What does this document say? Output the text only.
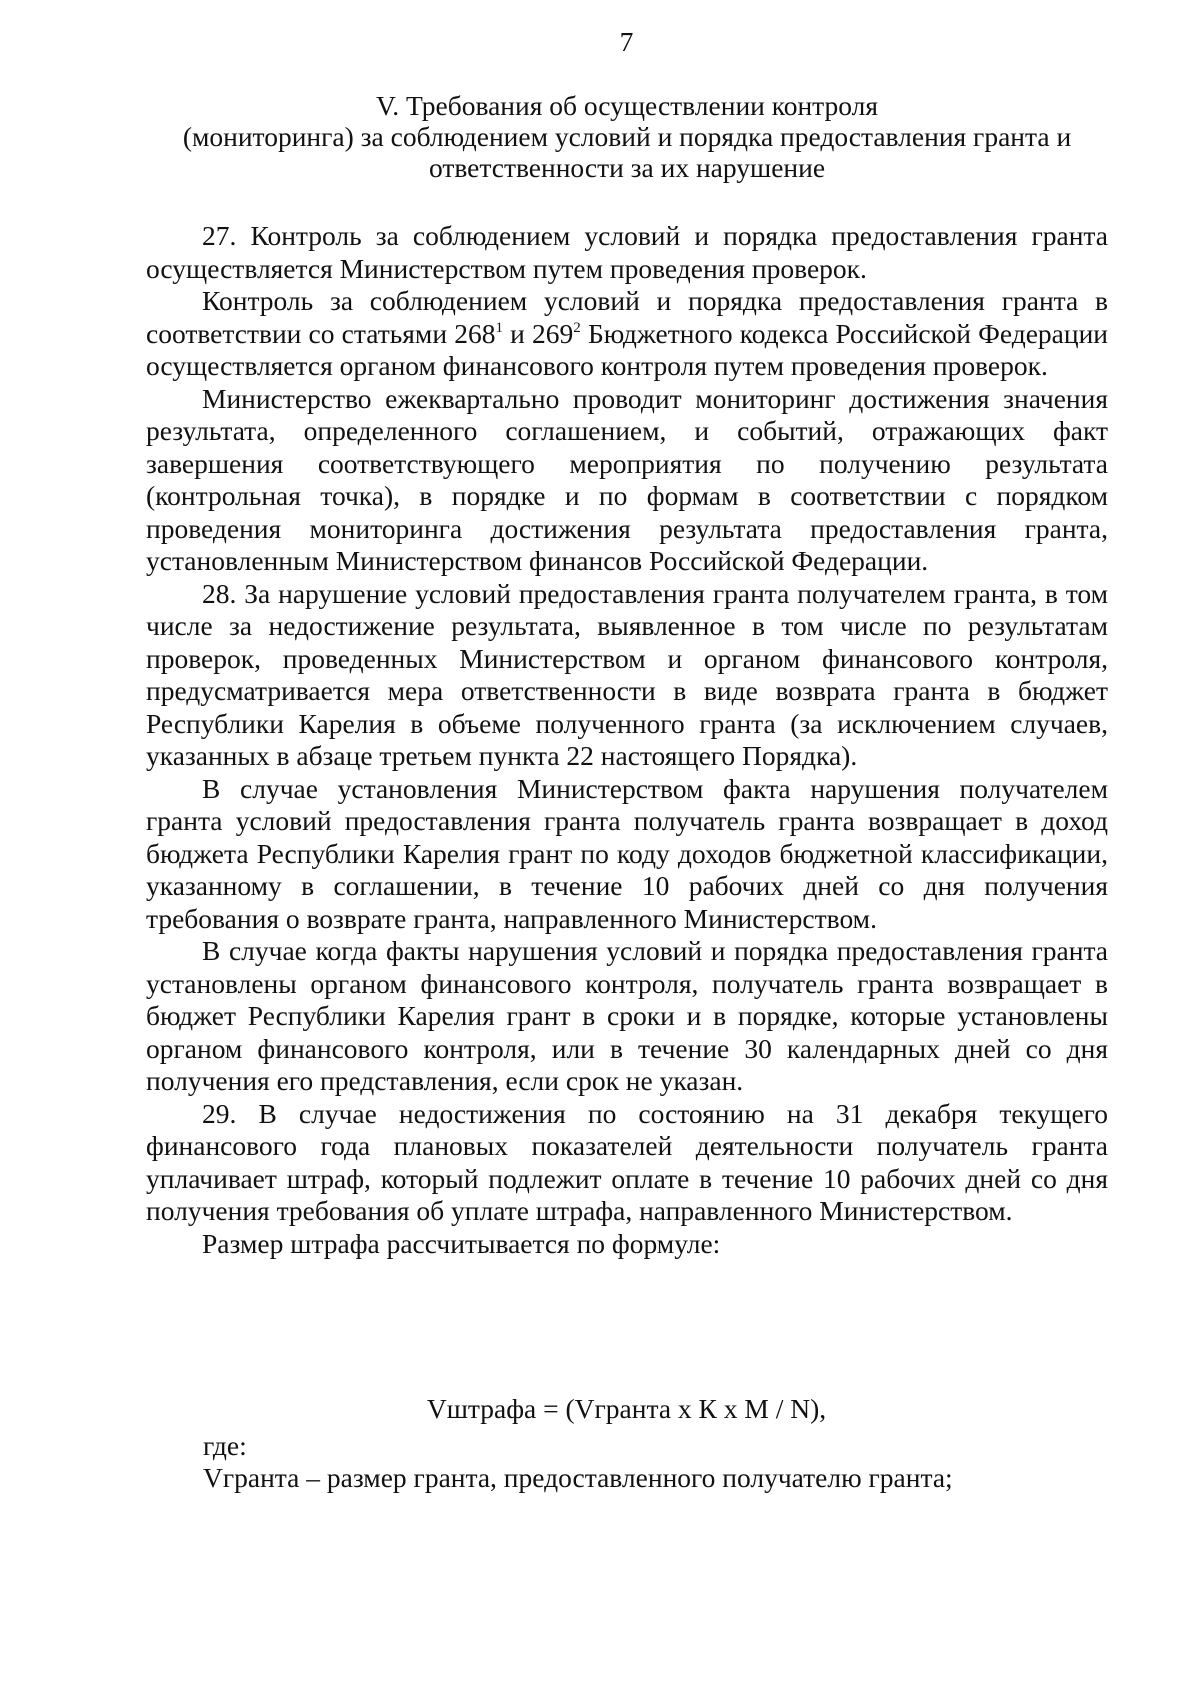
7
V. Требования об осуществлении контроля
(мониторинга) за соблюдением условий и порядка предоставления гранта и
ответственности за их нарушение

27. Контроль за соблюдением условий и порядка предоставления гранта осуществляется Министерством путем проведения проверок.

Контроль за соблюдением условий и порядка предоставления гранта в соответствии со статьями $268^1$ и $269^2$ Бюджетного кодекса Российской Федерации осуществляется органом финансового контроля путем проведения проверок.

Министерство ежеквартально проводит мониторинг достижения значения результата, определенного соглашением, и событий, отражающих факт завершения соответствующего мероприятия по получению результата (контрольная точка), в порядке и по формам в соответствии с порядком проведения мониторинга достижения результата предоставления гранта, установленным Министерством финансов Российской Федерации.

28. За нарушение условий предоставления гранта получателем гранта, в том числе за недостижение результата, выявленное в том числе по результатам проверок, проведенных Министерством и органом финансового контроля, предусматривается мера ответственности в виде возврата гранта в бюджет Республики Карелия в объеме полученного гранта (за исключением случаев, указанных в абзаце третьем пункта 22 настоящего Порядка).

В случае установления Министерством факта нарушения получателем гранта условий предоставления гранта получатель гранта возвращает в доход бюджета Республики Карелия грант по коду доходов бюджетной классификации, указанному в соглашении, в течение 10 рабочих дней со дня получения требования о возврате гранта, направленного Министерством.

В случае когда факты нарушения условий и порядка предоставления гранта установлены органом финансового контроля, получатель гранта возвращает в бюджет Республики Карелия грант в сроки и в порядке, которые установлены органом финансового контроля, или в течение 30 календарных дней со дня получения его представления, если срок не указан.

29. В случае недостижения по состоянию на 31 декабря текущего финансового года плановых показателей деятельности получатель гранта уплачивает штраф, который подлежит оплате в течение 10 рабочих дней со дня получения требования об уплате штрафа, направленного Министерством.

Размер штрафа рассчитывается по формуле:

Vштрафа = (Vгранта x К x М / N),
где:
Vгранта – размер гранта, предоставленного получателю гранта;
